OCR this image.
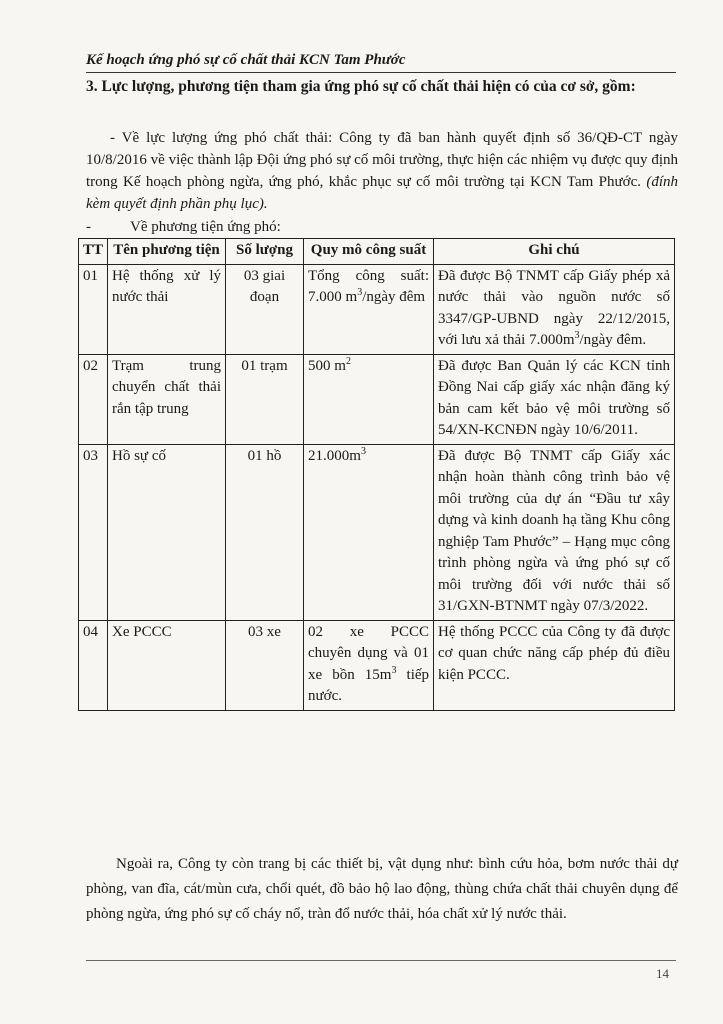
Kế hoạch ứng phó sự cố chất thải KCN Tam Phước
3. Lực lượng, phương tiện tham gia ứng phó sự cố chất thải hiện có của cơ sở, gồm:
- Về lực lượng ứng phó chất thải: Công ty đã ban hành quyết định số 36/QĐ-CT ngày 10/8/2016 về việc thành lập Đội ứng phó sự cố môi trường, thực hiện các nhiệm vụ được quy định trong Kế hoạch phòng ngừa, ứng phó, khắc phục sự cố môi trường tại KCN Tam Phước. (đính kèm quyết định phần phụ lục).
-	Về phương tiện ứng phó:
TT	Tên phương tiện	Số lượng	Quy mô công suất	Ghi chú
01	Hệ thống xử lý nước thải	03 giai đoạn	Tổng công suất: 7.000 $m^3$/ngày đêm	Đã được Bộ TNMT cấp Giấy phép xả nước thải vào nguồn nước số 3347/GP-UBND ngày 22/12/2015, với lưu xả thải $7.000m^3$/ngày đêm.
02	Trạm trung chuyển chất thải rắn tập trung	01 trạm	500 $m^2$	Đã được Ban Quản lý các KCN tỉnh Đồng Nai cấp giấy xác nhận đăng ký bản cam kết bảo vệ môi trường số 54/XN-KCNĐN ngày 10/6/2011.
03	Hồ sự cố	01 hồ	$21.000m^3$	Đã được Bộ TNMT cấp Giấy xác nhận hoàn thành công trình bảo vệ môi trường của dự án “Đầu tư xây dựng và kinh doanh hạ tầng Khu công nghiệp Tam Phước” – Hạng mục công trình phòng ngừa và ứng phó sự cố môi trường đối với nước thải số 31/GXN-BTNMT ngày 07/3/2022.
04	Xe PCCC	03 xe	02 xe PCCC chuyên dụng và 01 xe bồn $15m^3$ tiếp nước.	Hệ thống PCCC của Công ty đã được cơ quan chức năng cấp phép đủ điều kiện PCCC.
Ngoài ra, Công ty còn trang bị các thiết bị, vật dụng như: bình cứu hỏa, bơm nước thải dự phòng, van đĩa, cát/mùn cưa, chổi quét, đồ bảo hộ lao động, thùng chứa chất thải chuyên dụng để phòng ngừa, ứng phó sự cố cháy nổ, tràn đổ nước thải, hóa chất xử lý nước thải.
14
